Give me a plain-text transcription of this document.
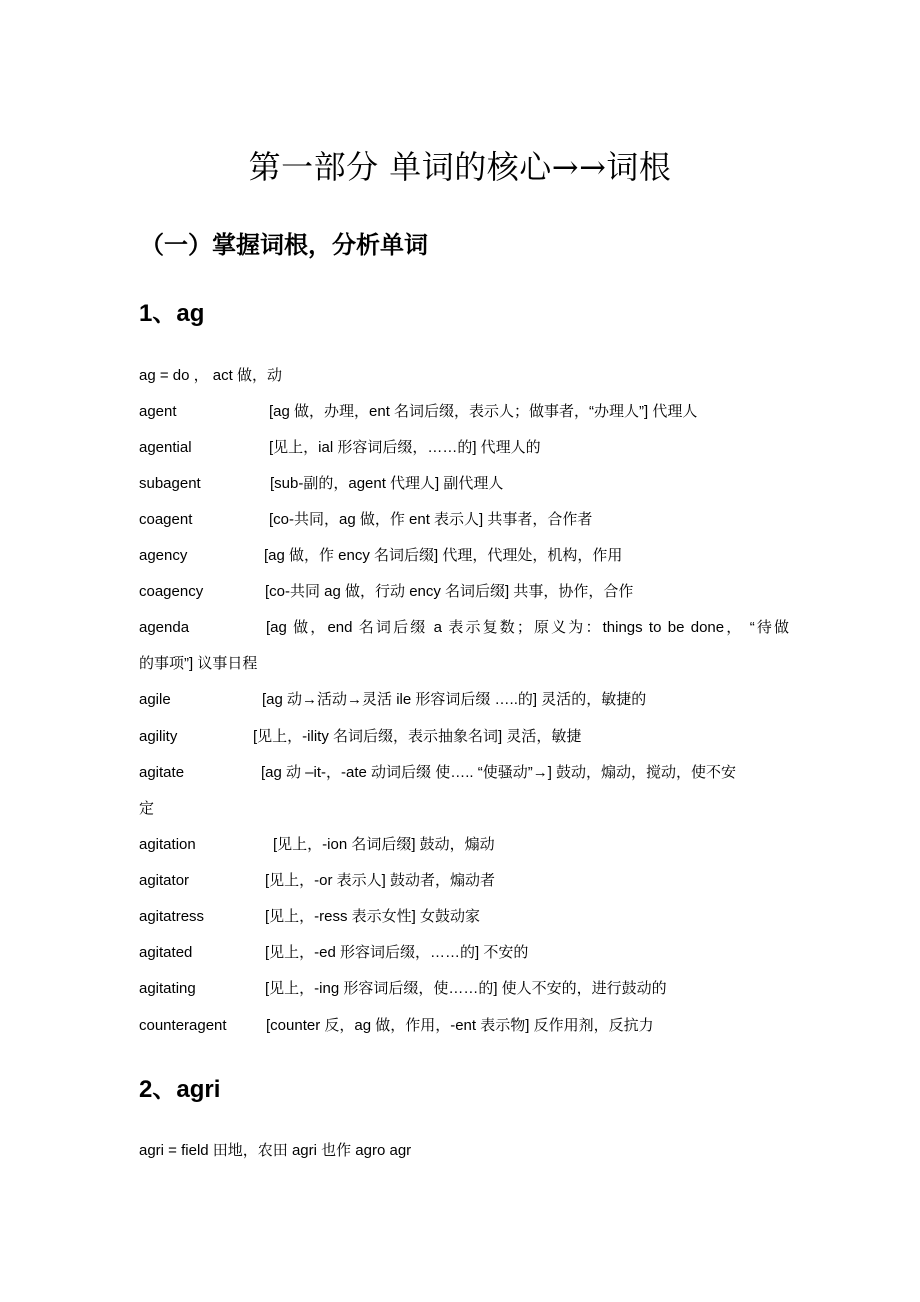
第一部分 单词的核心→→词根
（一）掌握词根，分析单词
1、ag
ag = do ， act 做，动
agent	[ag 做，办理，ent 名词后缀，表示人；做事者，“办理人”] 代理人
agential	[见上，ial 形容词后缀，……的] 代理人的
subagent	[sub-副的，agent 代理人] 副代理人
coagent	[co-共同，ag 做，作 ent 表示人] 共事者，合作者
agency	[ag 做，作 ency 名词后缀] 代理，代理处，机构，作用
coagency	[co-共同 ag 做，行动 ency 名词后缀] 共事，协作，合作
agenda	[ag 做，end 名词后缀 a 表示复数；原义为：things to be done， “待做
的事项”] 议事日程
agile	[ag 动→活动→灵活 ile 形容词后缀 …..的] 灵活的，敏捷的
agility	[见上，-ility 名词后缀，表示抽象名词] 灵活，敏捷
agitate	[ag 动 –it-，-ate 动词后缀 使….. “使骚动”→] 鼓动，煽动，搅动，使不安
定
agitation	[见上，-ion 名词后缀] 鼓动，煽动
agitator	[见上，-or 表示人] 鼓动者，煽动者
agitatress	[见上，-ress 表示女性] 女鼓动家
agitated	[见上，-ed 形容词后缀，……的] 不安的
agitating	[见上，-ing 形容词后缀，使……的] 使人不安的，进行鼓动的
counteragent	[counter 反，ag 做，作用，-ent 表示物] 反作用剂，反抗力
2、agri
agri = field 田地，农田 agri 也作 agro agr
